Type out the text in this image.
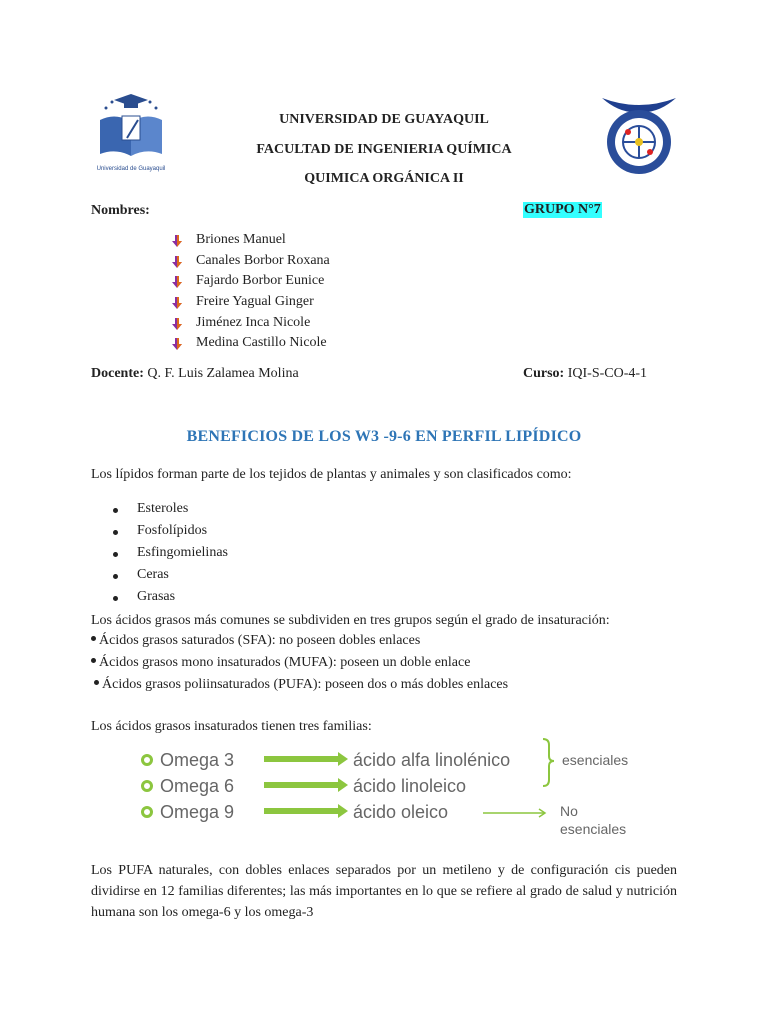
Universidad de Guayaquil
UNIVERSIDAD DE GUAYAQUIL
FACULTAD DE INGENIERIA QUÍMICA
QUIMICA ORGÁNICA II
Nombres:	GRUPO N°7
Briones Manuel
Canales Borbor Roxana
Fajardo Borbor Eunice
Freire Yagual Ginger
Jiménez Inca Nicole
Medina Castillo Nicole
Docente: Q. F. Luis Zalamea Molina	Curso: IQI-S-CO-4-1
BENEFICIOS DE LOS W3 -9-6 EN PERFIL LIPÍDICO
Los lípidos forman parte de los tejidos de plantas y animales y son clasificados como:
Esteroles
Fosfolípidos
Esfingomielinas
Ceras
Grasas
Los ácidos grasos más comunes se subdividen en tres grupos según el grado de insaturación:
Ácidos grasos saturados (SFA): no poseen dobles enlaces
Ácidos grasos mono insaturados (MUFA): poseen un doble enlace
Ácidos grasos poliinsaturados (PUFA): poseen dos o más dobles enlaces
Los ácidos grasos insaturados tienen tres familias:
Omega 3	ácido alfa linolénico
Omega 6	ácido linoleico
Omega 9	ácido oleico
esenciales
No
esenciales
Los PUFA naturales, con dobles enlaces separados por un metileno y de configuración cis pueden dividirse en 12 familias diferentes; las más importantes en lo que se refiere al grado de salud y nutrición humana son los omega-6 y los omega-3
